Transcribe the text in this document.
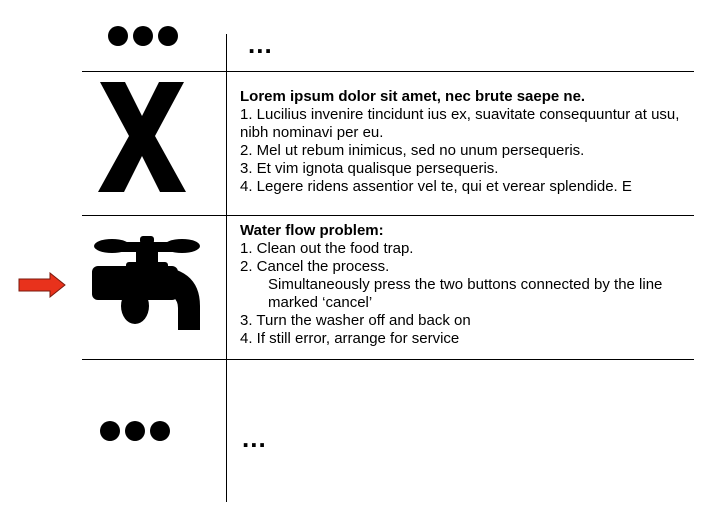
...
Lorem ipsum dolor sit amet, nec brute saepe ne.
1. Lucilius invenire tincidunt ius ex, suavitate consequuntur at usu, nibh nominavi per eu.
2. Mel ut rebum inimicus, sed no unum persequeris.
3. Et vim ignota qualisque persequeris.
4. Legere ridens assentior vel te, qui et verear splendide. E
Water flow problem:
1. Clean out the food trap.
2. Cancel the process.
Simultaneously press the two buttons connected by the line marked ‘cancel’
3. Turn the washer off and back on
4. If still error, arrange for service
...
